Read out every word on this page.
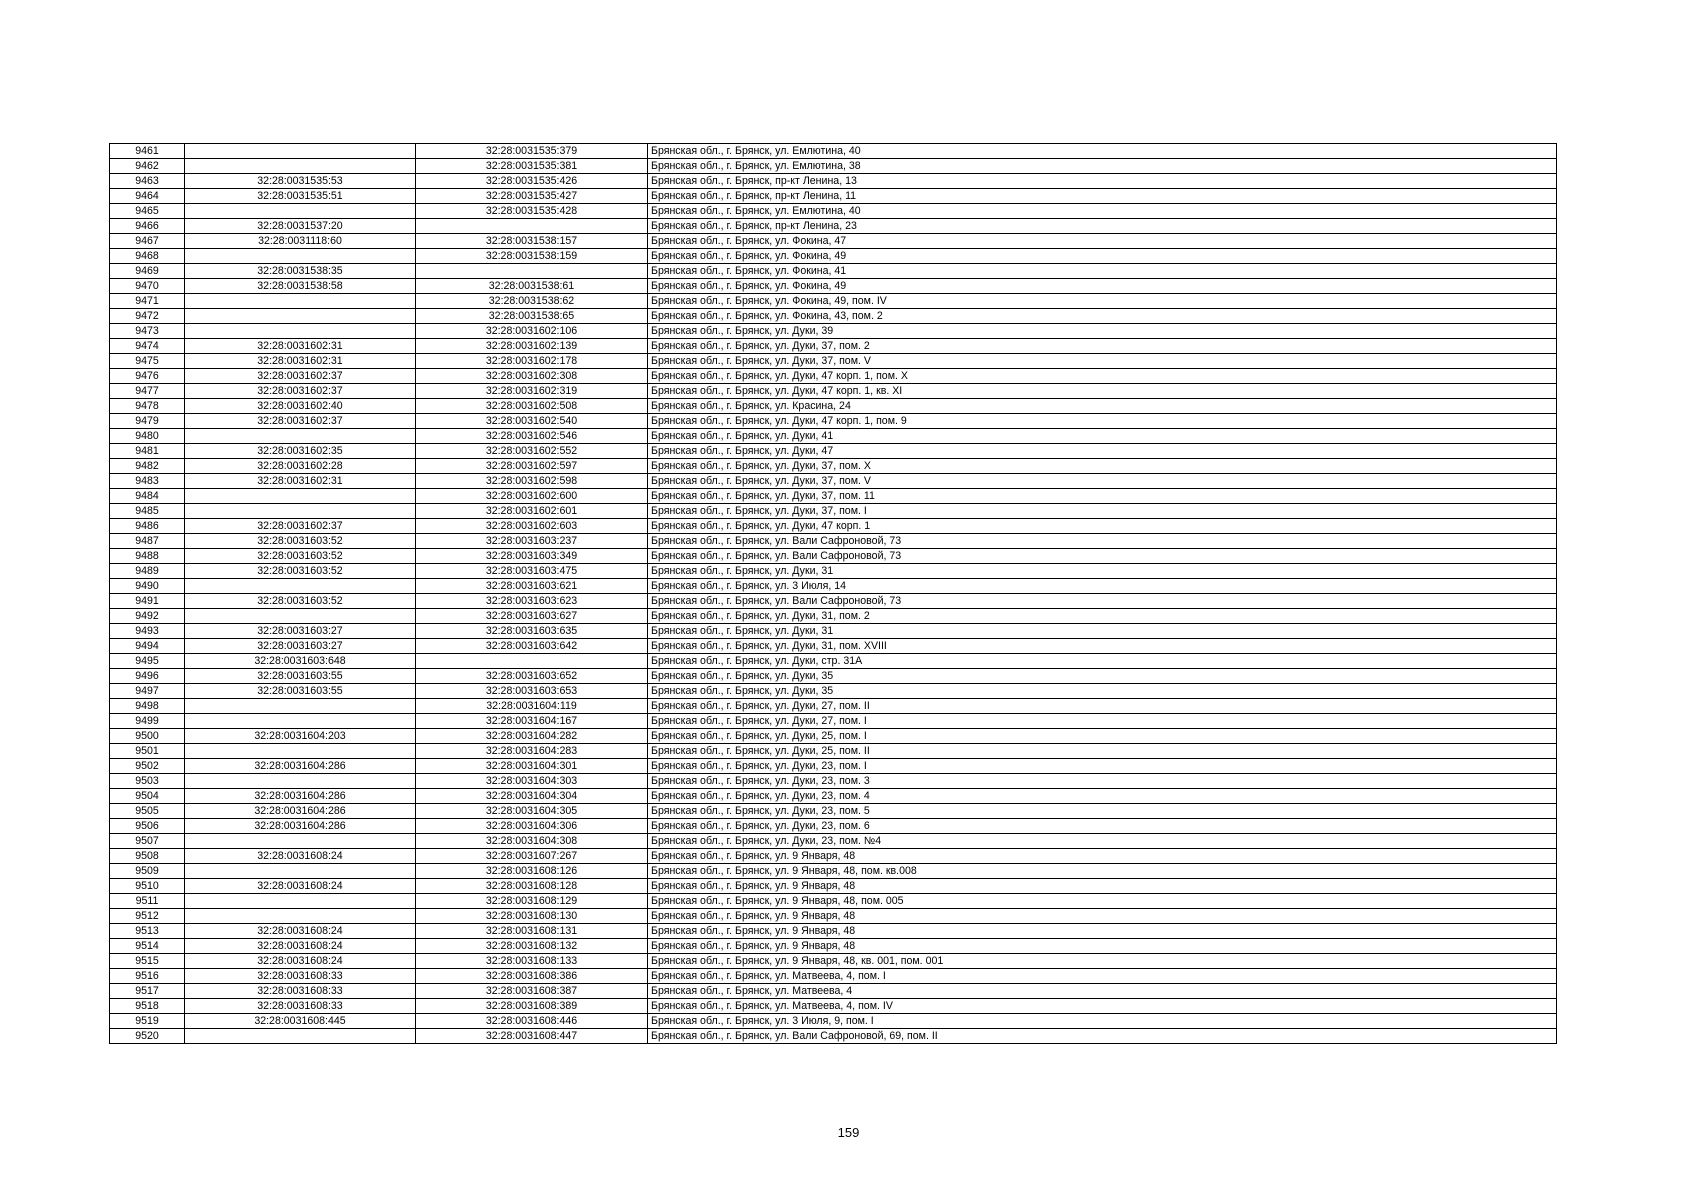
9461		32:28:0031535:379	Брянская обл., г. Брянск, ул. Емлютина, 40
9462		32:28:0031535:381	Брянская обл., г. Брянск, ул. Емлютина, 38
9463	32:28:0031535:53	32:28:0031535:426	Брянская обл., г. Брянск, пр-кт Ленина, 13
9464	32:28:0031535:51	32:28:0031535:427	Брянская обл., г. Брянск, пр-кт Ленина, 11
9465		32:28:0031535:428	Брянская обл., г. Брянск, ул. Емлютина, 40
9466	32:28:0031537:20		Брянская обл., г. Брянск, пр-кт Ленина, 23
9467	32:28:0031118:60	32:28:0031538:157	Брянская обл., г. Брянск, ул. Фокина, 47
9468		32:28:0031538:159	Брянская обл., г. Брянск, ул. Фокина, 49
9469	32:28:0031538:35		Брянская обл., г. Брянск, ул. Фокина, 41
9470	32:28:0031538:58	32:28:0031538:61	Брянская обл., г. Брянск, ул. Фокина, 49
9471		32:28:0031538:62	Брянская обл., г. Брянск, ул. Фокина, 49, пом. IV
9472		32:28:0031538:65	Брянская обл., г. Брянск, ул. Фокина, 43, пом. 2
9473		32:28:0031602:106	Брянская обл., г. Брянск, ул. Дуки, 39
9474	32:28:0031602:31	32:28:0031602:139	Брянская обл., г. Брянск, ул. Дуки, 37, пом. 2
9475	32:28:0031602:31	32:28:0031602:178	Брянская обл., г. Брянск, ул. Дуки, 37, пом. V
9476	32:28:0031602:37	32:28:0031602:308	Брянская обл., г. Брянск, ул. Дуки, 47 корп. 1, пом. X
9477	32:28:0031602:37	32:28:0031602:319	Брянская обл., г. Брянск, ул. Дуки, 47 корп. 1, кв. XI
9478	32:28:0031602:40	32:28:0031602:508	Брянская обл., г. Брянск, ул. Красина, 24
9479	32:28:0031602:37	32:28:0031602:540	Брянская обл., г. Брянск, ул. Дуки, 47 корп. 1, пом. 9
9480		32:28:0031602:546	Брянская обл., г. Брянск, ул. Дуки, 41
9481	32:28:0031602:35	32:28:0031602:552	Брянская обл., г. Брянск, ул. Дуки, 47
9482	32:28:0031602:28	32:28:0031602:597	Брянская обл., г. Брянск, ул. Дуки, 37, пом. X
9483	32:28:0031602:31	32:28:0031602:598	Брянская обл., г. Брянск, ул. Дуки, 37, пом. V
9484		32:28:0031602:600	Брянская обл., г. Брянск, ул. Дуки, 37, пом. 11
9485		32:28:0031602:601	Брянская обл., г. Брянск, ул. Дуки, 37, пом. I
9486	32:28:0031602:37	32:28:0031602:603	Брянская обл., г. Брянск, ул. Дуки, 47 корп. 1
9487	32:28:0031603:52	32:28:0031603:237	Брянская обл., г. Брянск, ул. Вали Сафроновой, 73
9488	32:28:0031603:52	32:28:0031603:349	Брянская обл., г. Брянск, ул. Вали Сафроновой, 73
9489	32:28:0031603:52	32:28:0031603:475	Брянская обл., г. Брянск, ул. Дуки, 31
9490		32:28:0031603:621	Брянская обл., г. Брянск, ул. 3 Июля, 14
9491	32:28:0031603:52	32:28:0031603:623	Брянская обл., г. Брянск, ул. Вали Сафроновой, 73
9492		32:28:0031603:627	Брянская обл., г. Брянск, ул. Дуки, 31, пом. 2
9493	32:28:0031603:27	32:28:0031603:635	Брянская обл., г. Брянск, ул. Дуки, 31
9494	32:28:0031603:27	32:28:0031603:642	Брянская обл., г. Брянск, ул. Дуки, 31, пом. XVIII
9495	32:28:0031603:648		Брянская обл., г. Брянск, ул. Дуки, стр. 31А
9496	32:28:0031603:55	32:28:0031603:652	Брянская обл., г. Брянск, ул. Дуки, 35
9497	32:28:0031603:55	32:28:0031603:653	Брянская обл., г. Брянск, ул. Дуки, 35
9498		32:28:0031604:119	Брянская обл., г. Брянск, ул. Дуки, 27, пом. II
9499		32:28:0031604:167	Брянская обл., г. Брянск, ул. Дуки, 27, пом. I
9500	32:28:0031604:203	32:28:0031604:282	Брянская обл., г. Брянск, ул. Дуки, 25, пом. I
9501		32:28:0031604:283	Брянская обл., г. Брянск, ул. Дуки, 25, пом. II
9502	32:28:0031604:286	32:28:0031604:301	Брянская обл., г. Брянск, ул. Дуки, 23, пом. I
9503		32:28:0031604:303	Брянская обл., г. Брянск, ул. Дуки, 23, пом. 3
9504	32:28:0031604:286	32:28:0031604:304	Брянская обл., г. Брянск, ул. Дуки, 23, пом. 4
9505	32:28:0031604:286	32:28:0031604:305	Брянская обл., г. Брянск, ул. Дуки, 23, пом. 5
9506	32:28:0031604:286	32:28:0031604:306	Брянская обл., г. Брянск, ул. Дуки, 23, пом. 6
9507		32:28:0031604:308	Брянская обл., г. Брянск, ул. Дуки, 23, пом. №4
9508	32:28:0031608:24	32:28:0031607:267	Брянская обл., г. Брянск, ул. 9 Января, 48
9509		32:28:0031608:126	Брянская обл., г. Брянск, ул. 9 Января, 48, пом. кв.008
9510	32:28:0031608:24	32:28:0031608:128	Брянская обл., г. Брянск, ул. 9 Января, 48
9511		32:28:0031608:129	Брянская обл., г. Брянск, ул. 9 Января, 48, пом. 005
9512		32:28:0031608:130	Брянская обл., г. Брянск, ул. 9 Января, 48
9513	32:28:0031608:24	32:28:0031608:131	Брянская обл., г. Брянск, ул. 9 Января, 48
9514	32:28:0031608:24	32:28:0031608:132	Брянская обл., г. Брянск, ул. 9 Января, 48
9515	32:28:0031608:24	32:28:0031608:133	Брянская обл., г. Брянск, ул. 9 Января, 48, кв. 001, пом. 001
9516	32:28:0031608:33	32:28:0031608:386	Брянская обл., г. Брянск, ул. Матвеева, 4, пом. I
9517	32:28:0031608:33	32:28:0031608:387	Брянская обл., г. Брянск, ул. Матвеева, 4
9518	32:28:0031608:33	32:28:0031608:389	Брянская обл., г. Брянск, ул. Матвеева, 4, пом. IV
9519	32:28:0031608:445	32:28:0031608:446	Брянская обл., г. Брянск, ул. 3 Июля, 9, пом. I
9520		32:28:0031608:447	Брянская обл., г. Брянск, ул. Вали Сафроновой, 69, пом. II
159
